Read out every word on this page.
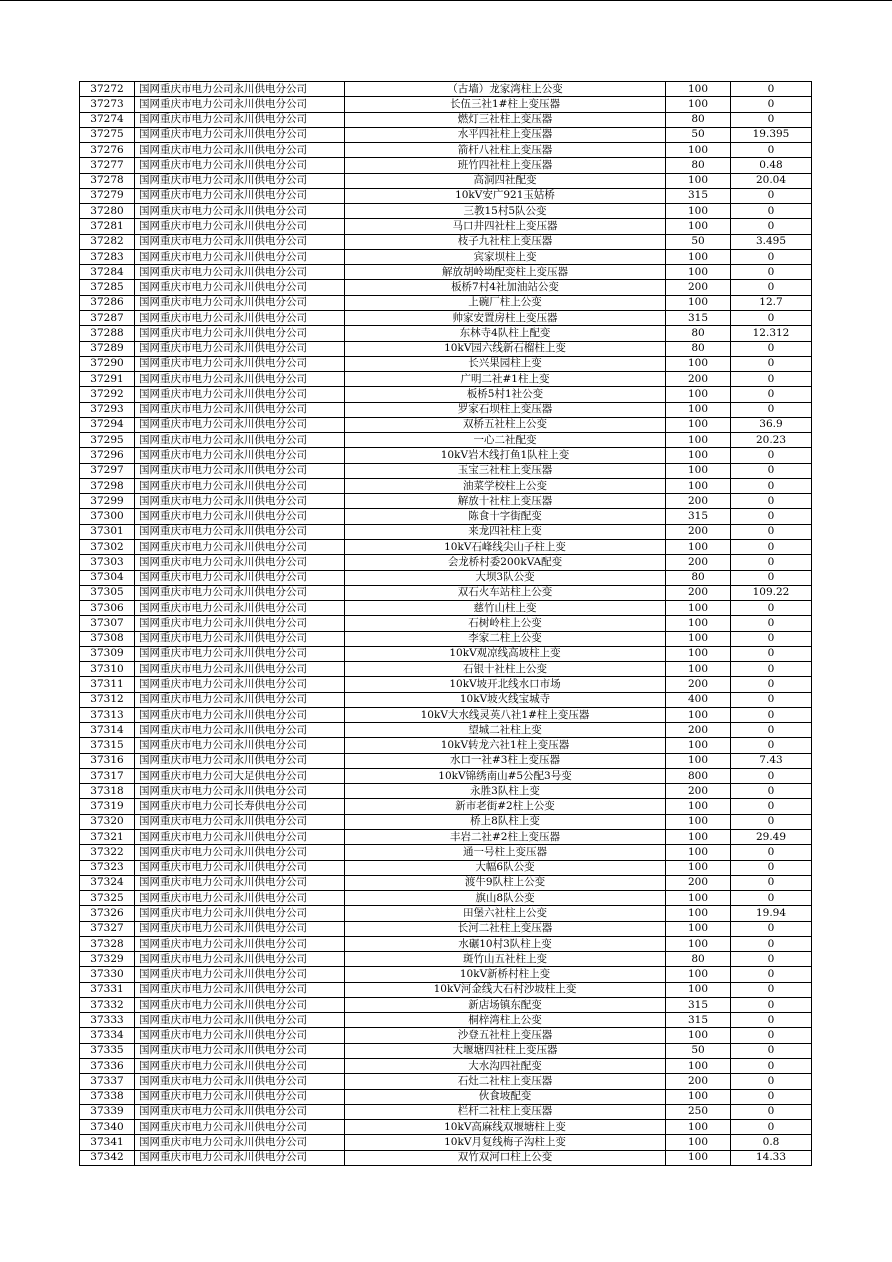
37272	国网重庆市电力公司永川供电分公司	（古墙）龙家湾柱上公变	100	0
37273	国网重庆市电力公司永川供电分公司	长伍三社1#柱上变压器	100	0
37274	国网重庆市电力公司永川供电分公司	燃灯三社柱上变压器	80	0
37275	国网重庆市电力公司永川供电分公司	水平四社柱上变压器	50	19.395
37276	国网重庆市电力公司永川供电分公司	箭杆八社柱上变压器	100	0
37277	国网重庆市电力公司永川供电分公司	班竹四社柱上变压器	80	0.48
37278	国网重庆市电力公司永川供电分公司	高洞四社配变	100	20.04
37279	国网重庆市电力公司永川供电分公司	10kV安广921玉姑桥	315	0
37280	国网重庆市电力公司永川供电分公司	三教15村5队公变	100	0
37281	国网重庆市电力公司永川供电分公司	马口井四社柱上变压器	100	0
37282	国网重庆市电力公司永川供电分公司	枝子九社柱上变压器	50	3.495
37283	国网重庆市电力公司永川供电分公司	宾家坝柱上变	100	0
37284	国网重庆市电力公司永川供电分公司	解放胡岭坳配变柱上变压器	100	0
37285	国网重庆市电力公司永川供电分公司	板桥7村4社加油站公变	200	0
37286	国网重庆市电力公司永川供电分公司	上碗厂柱上公变	100	12.7
37287	国网重庆市电力公司永川供电分公司	帅家安置房柱上变压器	315	0
37288	国网重庆市电力公司永川供电分公司	东林寺4队柱上配变	80	12.312
37289	国网重庆市电力公司永川供电分公司	10kV园六线新石榴柱上变	80	0
37290	国网重庆市电力公司永川供电分公司	长兴果园柱上变	100	0
37291	国网重庆市电力公司永川供电分公司	广明二社#1柱上变	200	0
37292	国网重庆市电力公司永川供电分公司	板桥5村1社公变	100	0
37293	国网重庆市电力公司永川供电分公司	罗家石坝柱上变压器	100	0
37294	国网重庆市电力公司永川供电分公司	双桥五社柱上公变	100	36.9
37295	国网重庆市电力公司永川供电分公司	一心二社配变	100	20.23
37296	国网重庆市电力公司永川供电分公司	10kV岩木线打鱼1队柱上变	100	0
37297	国网重庆市电力公司永川供电分公司	玉宝三社柱上变压器	100	0
37298	国网重庆市电力公司永川供电分公司	油菜学校柱上公变	100	0
37299	国网重庆市电力公司永川供电分公司	解放十社柱上变压器	200	0
37300	国网重庆市电力公司永川供电分公司	陈食十字街配变	315	0
37301	国网重庆市电力公司永川供电分公司	来龙四社柱上变	200	0
37302	国网重庆市电力公司永川供电分公司	10kV石峰线尖山子柱上变	100	0
37303	国网重庆市电力公司永川供电分公司	会龙桥村委200kVA配变	200	0
37304	国网重庆市电力公司永川供电分公司	大坝3队公变	80	0
37305	国网重庆市电力公司永川供电分公司	双石火车站柱上公变	200	109.22
37306	国网重庆市电力公司永川供电分公司	慈竹山柱上变	100	0
37307	国网重庆市电力公司永川供电分公司	石树岭柱上公变	100	0
37308	国网重庆市电力公司永川供电分公司	李家二柱上公变	100	0
37309	国网重庆市电力公司永川供电分公司	10kV观凉线高坡柱上变	100	0
37310	国网重庆市电力公司永川供电分公司	石银十社柱上公变	100	0
37311	国网重庆市电力公司永川供电分公司	10kV坡开北线水口市场	200	0
37312	国网重庆市电力公司永川供电分公司	10kV坡火线宝城寺	400	0
37313	国网重庆市电力公司永川供电分公司	10kV大水线灵英八社1#柱上变压器	100	0
37314	国网重庆市电力公司永川供电分公司	望城二社柱上变	200	0
37315	国网重庆市电力公司永川供电分公司	10kV转龙六社1柱上变压器	100	0
37316	国网重庆市电力公司永川供电分公司	水口一社#3柱上变压器	100	7.43
37317	国网重庆市电力公司大足供电分公司	10kV锦绣南山#5公配3号变	800	0
37318	国网重庆市电力公司永川供电分公司	永胜3队柱上变	200	0
37319	国网重庆市电力公司长寿供电分公司	新市老街#2柱上公变	100	0
37320	国网重庆市电力公司永川供电分公司	桥上8队柱上变	100	0
37321	国网重庆市电力公司永川供电分公司	丰岩二社#2柱上变压器	100	29.49
37322	国网重庆市电力公司永川供电分公司	通一号柱上变压器	100	0
37323	国网重庆市电力公司永川供电分公司	大幅6队公变	100	0
37324	国网重庆市电力公司永川供电分公司	渡牛9队柱上公变	200	0
37325	国网重庆市电力公司永川供电分公司	旗山8队公变	100	0
37326	国网重庆市电力公司永川供电分公司	田堡六社柱上公变	100	19.94
37327	国网重庆市电力公司永川供电分公司	长河二社柱上变压器	100	0
37328	国网重庆市电力公司永川供电分公司	水碾10村3队柱上变	100	0
37329	国网重庆市电力公司永川供电分公司	斑竹山五社柱上变	80	0
37330	国网重庆市电力公司永川供电分公司	10kV新桥村柱上变	100	0
37331	国网重庆市电力公司永川供电分公司	10kV河金线大石村沙坡柱上变	100	0
37332	国网重庆市电力公司永川供电分公司	新店场镇东配变	315	0
37333	国网重庆市电力公司永川供电分公司	桐梓湾柱上公变	315	0
37334	国网重庆市电力公司永川供电分公司	沙登五社柱上变压器	100	0
37335	国网重庆市电力公司永川供电分公司	大堰塘四社柱上变压器	50	0
37336	国网重庆市电力公司永川供电分公司	大水沟四社配变	100	0
37337	国网重庆市电力公司永川供电分公司	石灶二社柱上变压器	200	0
37338	国网重庆市电力公司永川供电分公司	伙食坡配变	100	0
37339	国网重庆市电力公司永川供电分公司	栏杆二社柱上变压器	250	0
37340	国网重庆市电力公司永川供电分公司	10kV高麻线双堰塘柱上变	100	0
37341	国网重庆市电力公司永川供电分公司	10kV月复线梅子沟柱上变	100	0.8
37342	国网重庆市电力公司永川供电分公司	双竹双河口柱上公变	100	14.33
